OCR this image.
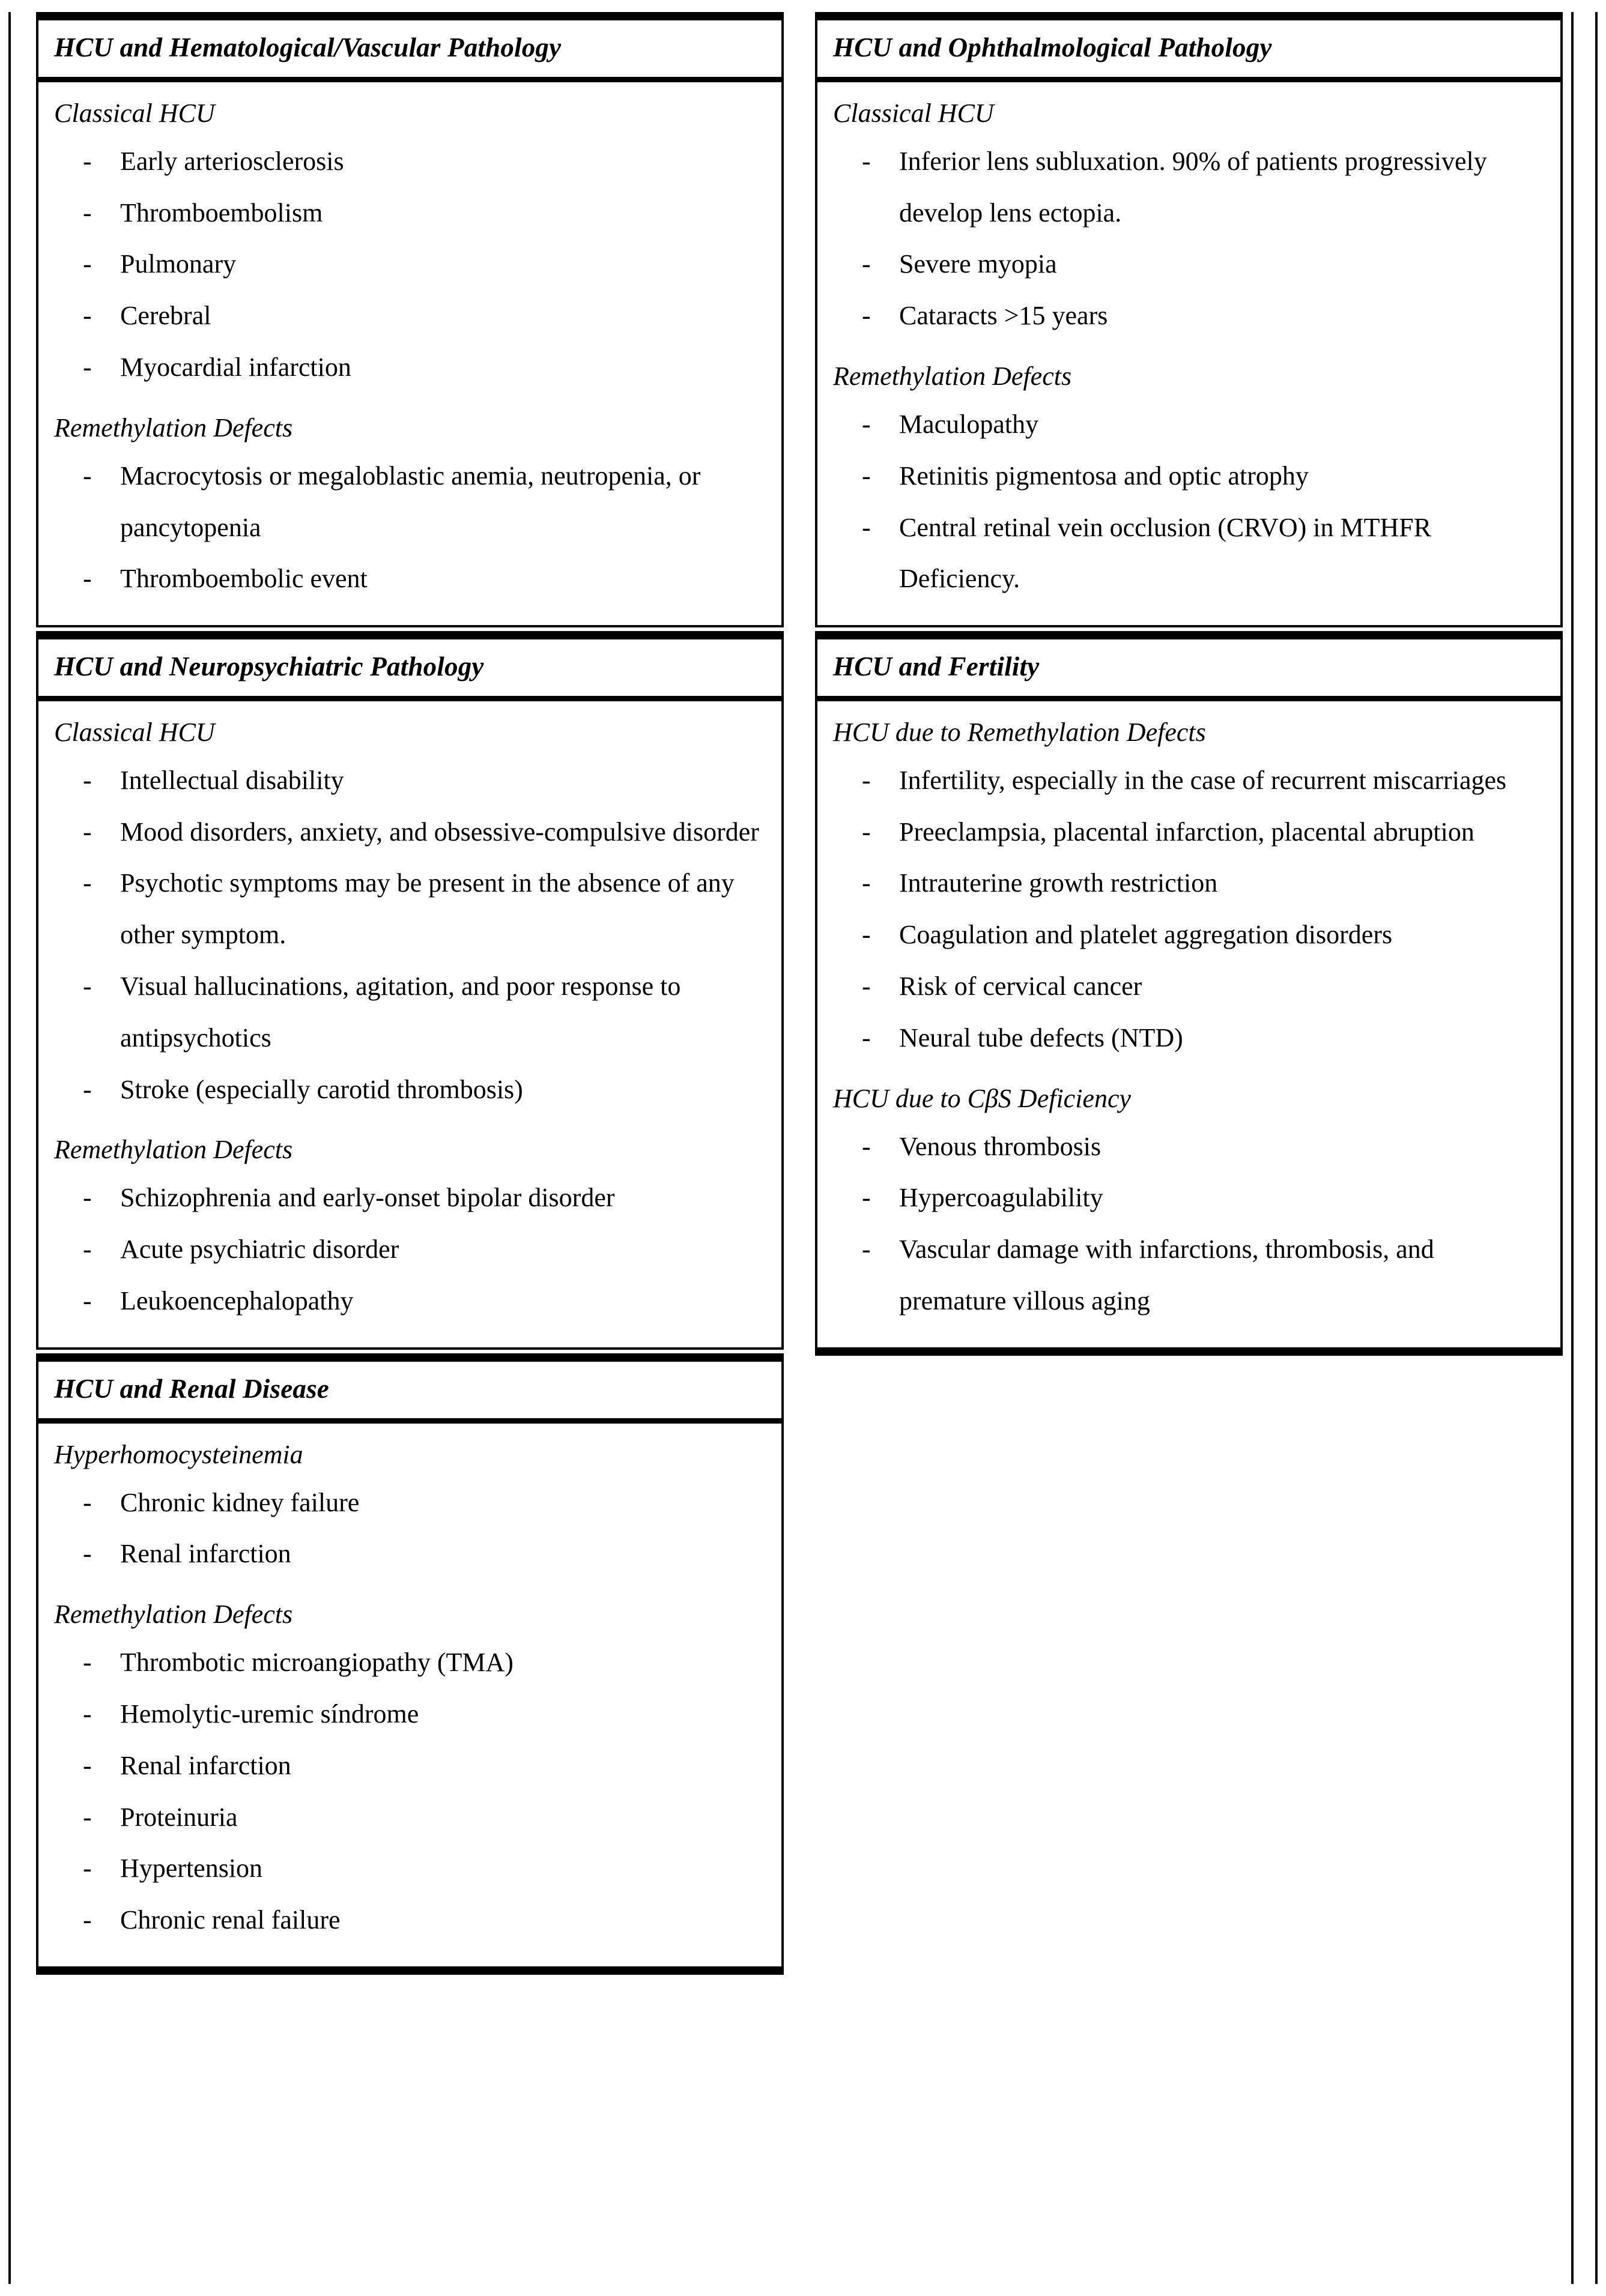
HCU and Hematological/Vascular Pathology
Classical HCU
-	Early arteriosclerosis
-	Thromboembolism
-	Pulmonary
-	Cerebral
-	Myocardial infarction
Remethylation Defects
-	Macrocytosis or megaloblastic anemia, neutropenia, or pancytopenia
-	Thromboembolic event
HCU and Neuropsychiatric Pathology
Classical HCU
-	Intellectual disability
-	Mood disorders, anxiety, and obsessive-compulsive disorder
-	Psychotic symptoms may be present in the absence of any other symptom.
-	Visual hallucinations, agitation, and poor response to antipsychotics
-	Stroke (especially carotid thrombosis)
Remethylation Defects
-	Schizophrenia and early-onset bipolar disorder
-	Acute psychiatric disorder
-	Leukoencephalopathy
HCU and Renal Disease
Hyperhomocysteinemia
-	Chronic kidney failure
-	Renal infarction
Remethylation Defects
-	Thrombotic microangiopathy (TMA)
-	Hemolytic-uremic síndrome
-	Renal infarction
-	Proteinuria
-	Hypertension
-	Chronic renal failure
HCU and Ophthalmological Pathology
Classical HCU
-	Inferior lens subluxation. 90% of patients progressively develop lens ectopia.
-	Severe myopia
-	Cataracts >15 years
Remethylation Defects
-	Maculopathy
-	Retinitis pigmentosa and optic atrophy
-	Central retinal vein occlusion (CRVO) in MTHFR Deficiency.
HCU and Fertility
HCU due to Remethylation Defects
-	Infertility, especially in the case of recurrent miscarriages
-	Preeclampsia, placental infarction, placental abruption
-	Intrauterine growth restriction
-	Coagulation and platelet aggregation disorders
-	Risk of cervical cancer
-	Neural tube defects (NTD)
HCU due to CβS Deficiency
-	Venous thrombosis
-	Hypercoagulability
-	Vascular damage with infarctions, thrombosis, and premature villous aging
